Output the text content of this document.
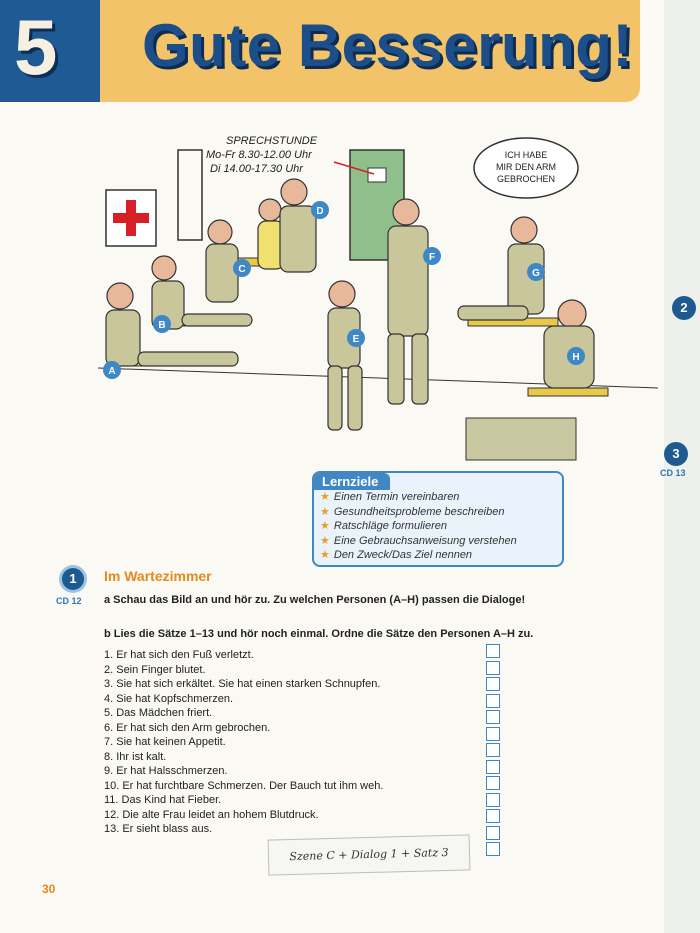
5 Gute Besserung!
2
3
CD 13
SPRECHSTUNDE
Mo-Fr 8.30-12.00 Uhr
Di 14.00-17.30 Uhr
ICH HABE
MIR DEN ARM
GEBROCHEN
A
B
C
D
E
F
G
H
Lernziele
★ Einen Termin vereinbaren
★ Gesundheitsprobleme beschreiben
★ Ratschläge formulieren
★ Eine Gebrauchsanweisung verstehen
★ Den Zweck/Das Ziel nennen
1
CD 12
Im Wartezimmer
a Schau das Bild an und hör zu. Zu welchen Personen (A–H) passen die Dialoge!
b Lies die Sätze 1–13 und hör noch einmal. Ordne die Sätze den Personen A–H zu.
1. Er hat sich den Fuß verletzt.
2. Sein Finger blutet.
3. Sie hat sich erkältet. Sie hat einen starken Schnupfen.
4. Sie hat Kopfschmerzen.
5. Das Mädchen friert.
6. Er hat sich den Arm gebrochen.
7. Sie hat keinen Appetit.
8. Ihr ist kalt.
9. Er hat Halsschmerzen.
10. Er hat furchtbare Schmerzen. Der Bauch tut ihm weh.
11. Das Kind hat Fieber.
12. Die alte Frau leidet an hohem Blutdruck.
13. Er sieht blass aus.
Szene C + Dialog 1 + Satz 3
30
